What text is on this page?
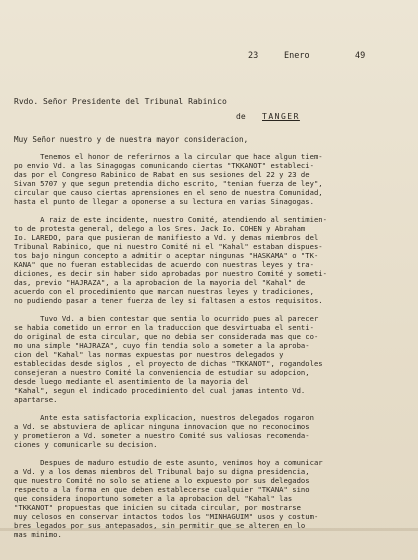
23	Enero	49
Rvdo. Señor Presidente del Tribunal Rabinico
de TANGER
Muy Señor nuestro y de nuestra mayor consideracion,
Tenemos el honor de referirnos a la circular que hace algun tiem-
po envio Vd. a las Sinagogas comunicando ciertas "TKKANOT" estableci-
das por el Congreso Rabinico de Rabat en sus sesiones del 22 y 23 de
Sivan 5707 y que segun pretendia dicho escrito, "tenian fuerza de ley",
circular que causo ciertas aprensiones en el seno de nuestra Comunidad,
hasta el punto de llegar a oponerse a su lectura en varias Sinagogas.
A raiz de este incidente, nuestro Comité, atendiendo al sentimien-
to de protesta general, delego a los Sres. Jack Io. COHEN y Abraham
Io. LAREDO, para que pusieran de manifiesto a Vd. y demas miembros del
Tribunal Rabinico, que ni nuestro Comité ni el "Kahal" estaban dispues-
tos bajo ningun concepto a admitir o aceptar ningunas "HASKAMA" o "TK-
KANA" que no fueran establecidas de acuerdo con nuestras leyes y tra-
diciones, es decir sin haber sido aprobadas por nuestro Comité y someti-
das, previo "HAJRAZA", a la aprobacion de la mayoria del "Kahal" de
acuerdo con el procedimiento que marcan nuestras leyes y tradiciones,
no pudiendo pasar a tener fuerza de ley si faltasen a estos requisitos.
Tuvo Vd. a bien contestar que sentia lo ocurrido pues al parecer
se habia cometido un error en la traduccion que desvirtuaba el senti-
do original de esta circular, que no debia ser considerada mas que co-
mo una simple "HAJRAZA", cuyo fin tendia solo a someter a la aproba-
cion del "Kahal" las normas expuestas por nuestros delegados y
establecidas desde siglos , el proyecto de dichas "TKKANOT", rogandoles
consejeran a nuestro Comité la conveniencia de estudiar su adopcion,
desde luego mediante el asentimiento de la mayoria del
"Kahal", segun el indicado procedimiento del cual jamas intento Vd.
apartarse.
Ante esta satisfactoria explicacion, nuestros delegados rogaron
a Vd. se abstuviera de aplicar ninguna innovacion que no reconocimos
y prometieron a Vd. someter a nuestro Comité sus valiosas recomenda-
ciones y comunicarle su decision.
Despues de maduro estudio de este asunto, venimos hoy a comunicar
a Vd. y a los demas miembros del Tribunal bajo su digna presidencia,
que nuestro Comité no solo se atiene a lo expuesto por sus delegados
respecto a la forma en que deben establecerse cualquier "TKANA" sino
que considera inoportuno someter a la aprobacion del "Kahal" las
"TKKANOT" propuestas que inicien su citada circular, por mostrarse
muy celosos en conservar intactos todos los "MINHAGUIM" usos y costum-
bres legados por sus antepasados, sin permitir que se alteren en lo
mas minimo.
